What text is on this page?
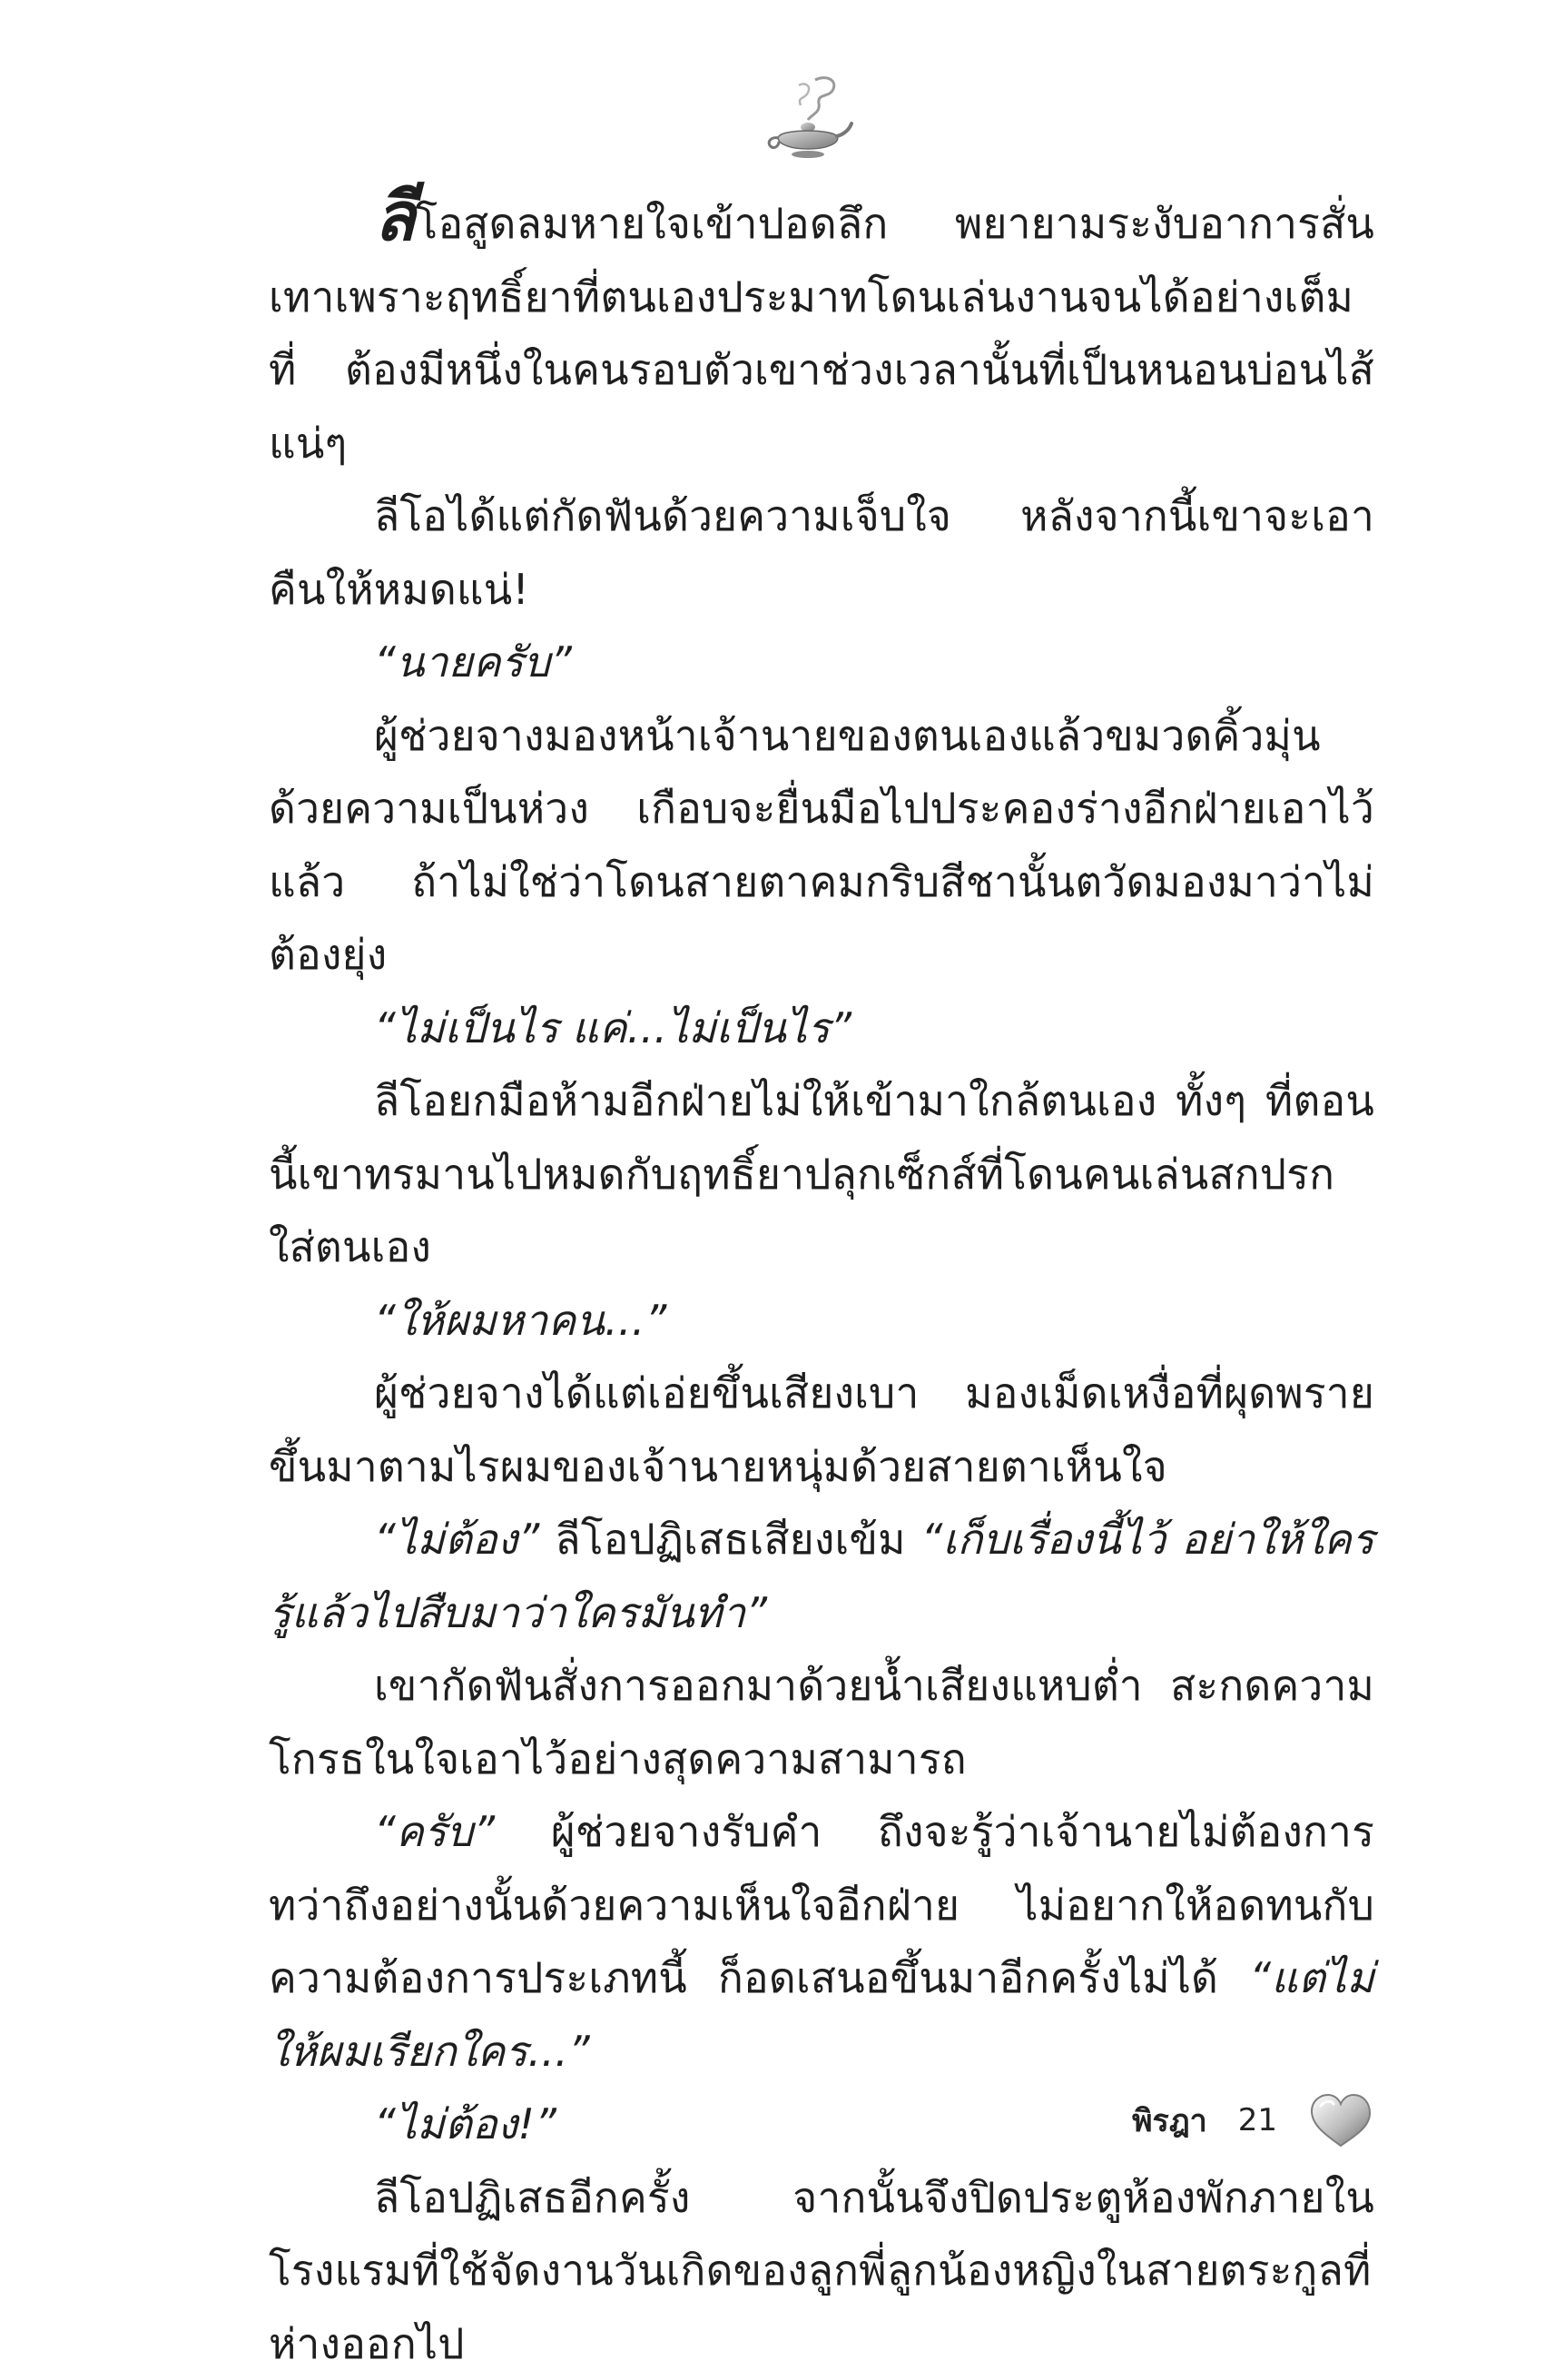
ลีโอสูดลมหายใจเข้าปอดลึก พยายามระงับอาการสั่นเทาเพราะฤทธิ์ยาที่ตนเองประมาทโดนเล่นงานจนได้อย่างเต็มที่ ต้องมีหนึ่งในคนรอบตัวเขาช่วงเวลานั้นที่เป็นหนอนบ่อนไส้แน่ๆ

ลีโอได้แต่กัดฟันด้วยความเจ็บใจ หลังจากนี้เขาจะเอาคืนให้หมดแน่!

“นายครับ”

ผู้ช่วยจางมองหน้าเจ้านายของตนเองแล้วขมวดคิ้วมุ่นด้วยความเป็นห่วง เกือบจะยื่นมือไปประคองร่างอีกฝ่ายเอาไว้แล้ว ถ้าไม่ใช่ว่าโดนสายตาคมกริบสีชานั้นตวัดมองมาว่าไม่ต้องยุ่ง

“ไม่เป็นไร แค่...ไม่เป็นไร”

ลีโอยกมือห้ามอีกฝ่ายไม่ให้เข้ามาใกล้ตนเอง ทั้งๆ ที่ตอนนี้เขาทรมานไปหมดกับฤทธิ์ยาปลุกเซ็กส์ที่โดนคนเล่นสกปรกใส่ตนเอง

“ให้ผมหาคน...”

ผู้ช่วยจางได้แต่เอ่ยขึ้นเสียงเบา มองเม็ดเหงื่อที่ผุดพรายขึ้นมาตามไรผมของเจ้านายหนุ่มด้วยสายตาเห็นใจ

“ไม่ต้อง” ลีโอปฏิเสธเสียงเข้ม “เก็บเรื่องนี้ไว้ อย่าให้ใครรู้แล้วไปสืบมาว่าใครมันทำ”

เขากัดฟันสั่งการออกมาด้วยน้ำเสียงแหบต่ำ สะกดความโกรธในใจเอาไว้อย่างสุดความสามารถ

“ครับ” ผู้ช่วยจางรับคำ ถึงจะรู้ว่าเจ้านายไม่ต้องการ ทว่าถึงอย่างนั้นด้วยความเห็นใจอีกฝ่าย ไม่อยากให้อดทนกับความต้องการประเภทนี้ ก็อดเสนอขึ้นมาอีกครั้งไม่ได้ “แต่ไม่ให้ผมเรียกใคร...”

“ไม่ต้อง!”

ลีโอปฏิเสธอีกครั้ง จากนั้นจึงปิดประตูห้องพักภายในโรงแรมที่ใช้จัดงานวันเกิดของลูกพี่ลูกน้องหญิงในสายตระกูลที่ห่างออกไป

พิรฎา 21
